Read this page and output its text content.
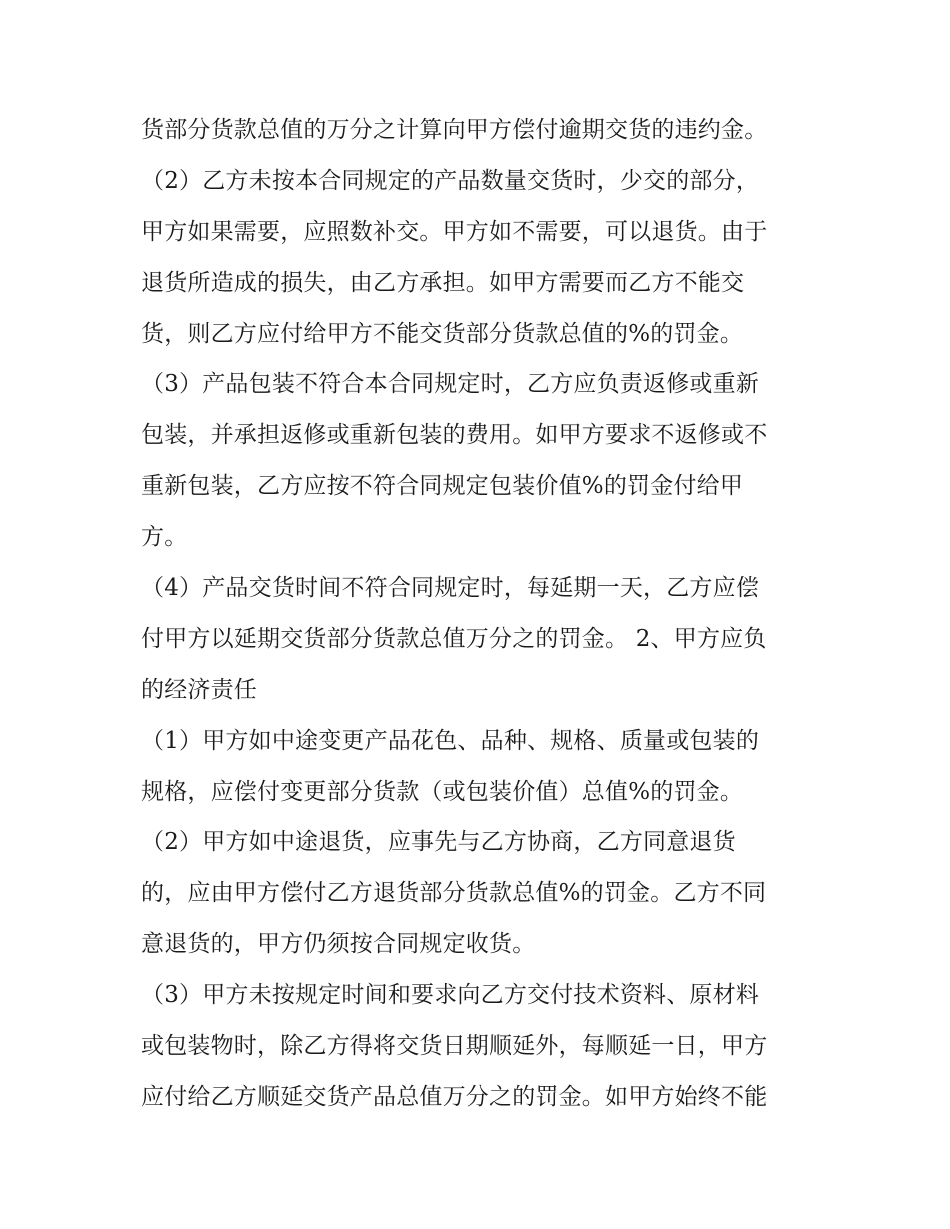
货部分货款总值的万分之计算向甲方偿付逾期交货的违约金。
（2）乙方未按本合同规定的产品数量交货时，少交的部分，
甲方如果需要，应照数补交。甲方如不需要，可以退货。由于
退货所造成的损失，由乙方承担。如甲方需要而乙方不能交
货，则乙方应付给甲方不能交货部分货款总值的%的罚金。
（3）产品包装不符合本合同规定时，乙方应负责返修或重新
包装，并承担返修或重新包装的费用。如甲方要求不返修或不
重新包装，乙方应按不符合同规定包装价值%的罚金付给甲
方。
（4）产品交货时间不符合同规定时，每延期一天，乙方应偿
付甲方以延期交货部分货款总值万分之的罚金。 2、甲方应负
的经济责任
（1）甲方如中途变更产品花色、品种、规格、质量或包装的
规格，应偿付变更部分货款（或包装价值）总值%的罚金。
（2）甲方如中途退货，应事先与乙方协商，乙方同意退货
的，应由甲方偿付乙方退货部分货款总值%的罚金。乙方不同
意退货的，甲方仍须按合同规定收货。
（3）甲方未按规定时间和要求向乙方交付技术资料、原材料
或包装物时，除乙方得将交货日期顺延外，每顺延一日，甲方
应付给乙方顺延交货产品总值万分之的罚金。如甲方始终不能
